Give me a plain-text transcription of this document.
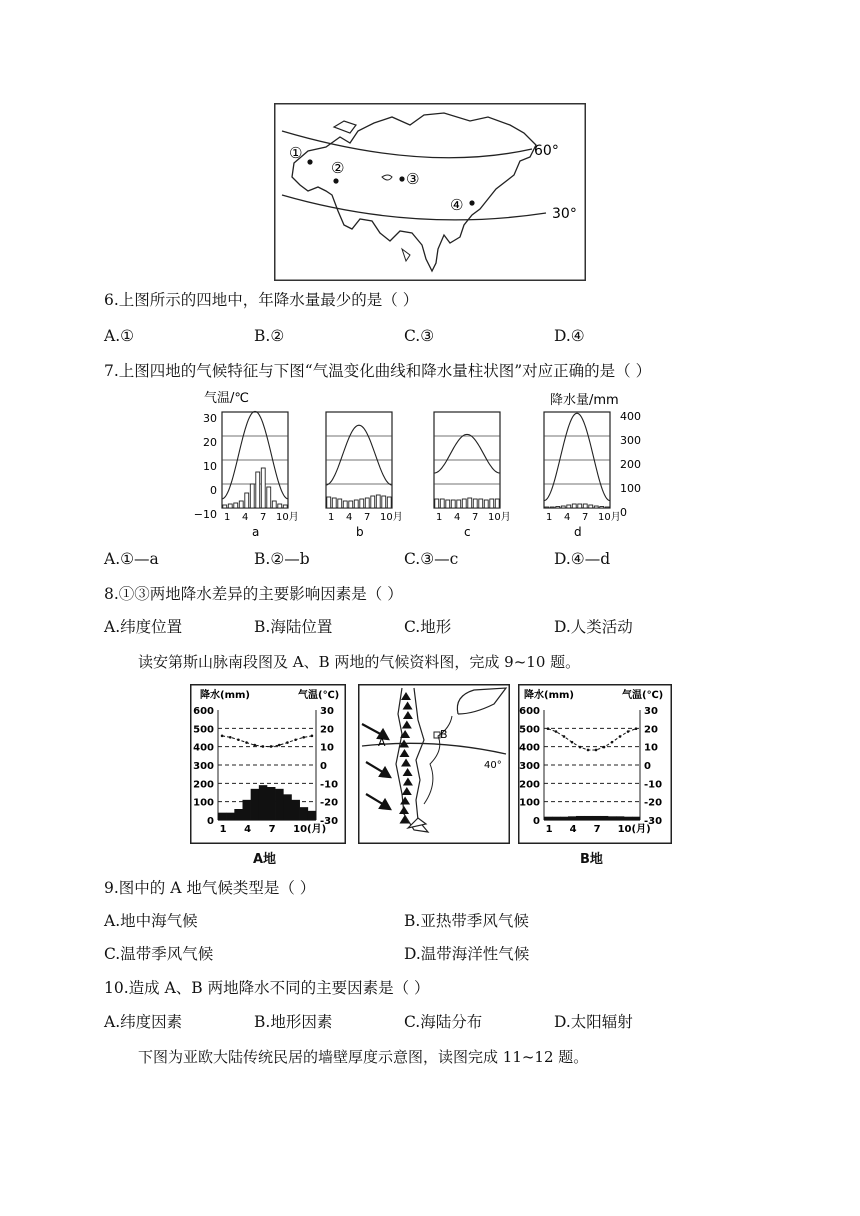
①
②
③
④
60°
30°
6.上图所示的四地中，年降水量最少的是（ ）
A.①	B.②	C.③	D.④
7.上图四地的气候特征与下图“气温变化曲线和降水量柱状图”对应正确的是（ ）
气温/℃	降水量/mm
30
20
10
0
−10
400
300
200
100
0
1 4 7 10月
a
1 4 7 10月
b
1 4 7 10月
c
1 4 7 10月
d
A.①—a	B.②—b	C.③—c	D.④—d
8.①③两地降水差异的主要影响因素是（ ）
A.纬度位置	B.海陆位置	C.地形	D.人类活动
读安第斯山脉南段图及 A、B 两地的气候资料图，完成 9~10 题。
降水(mm)	气温(℃)
600	30
500	20
400	10
300	0
200	-10
100	-20
0	-30
1 4 7 10(月)
A
B
40°
降水(mm)	气温(℃)
600	30
500	20
400	10
300	0
200	-10
100	-20
0	-30
1 4 7 10(月)
A地	B地
9.图中的 A 地气候类型是（ ）
A.地中海气候	B.亚热带季风气候
C.温带季风气候	D.温带海洋性气候
10.造成 A、B 两地降水不同的主要因素是（ ）
A.纬度因素	B.地形因素	C.海陆分布	D.太阳辐射
下图为亚欧大陆传统民居的墙壁厚度示意图，读图完成 11~12 题。
